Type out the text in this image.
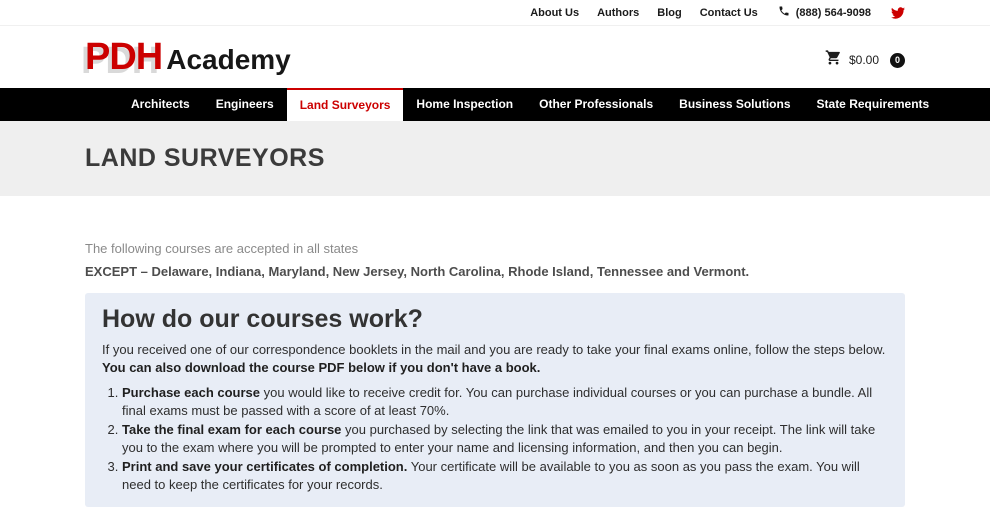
About Us Authors Blog Contact Us	(888) 564-9098
PDH Academy	$0.00	0
Architects	Engineers	Land Surveyors	Home Inspection	Other Professionals	Business Solutions	State Requirements
LAND SURVEYORS

The following courses are accepted in all states

EXCEPT – Delaware, Indiana, Maryland, New Jersey, North Carolina, Rhode Island, Tennessee and Vermont.

How do our courses work?

If you received one of our correspondence booklets in the mail and you are ready to take your final exams online, follow the steps below. You can also download the course PDF below if you don't have a book.

1. Purchase each course you would like to receive credit for. You can purchase individual courses or you can purchase a bundle. All final exams must be passed with a score of at least 70%.
2. Take the final exam for each course you purchased by selecting the link that was emailed to you in your receipt. The link will take you to the exam where you will be prompted to enter your name and licensing information, and then you can begin.
3. Print and save your certificates of completion. Your certificate will be available to you as soon as you pass the exam. You will need to keep the certificates for your records.
